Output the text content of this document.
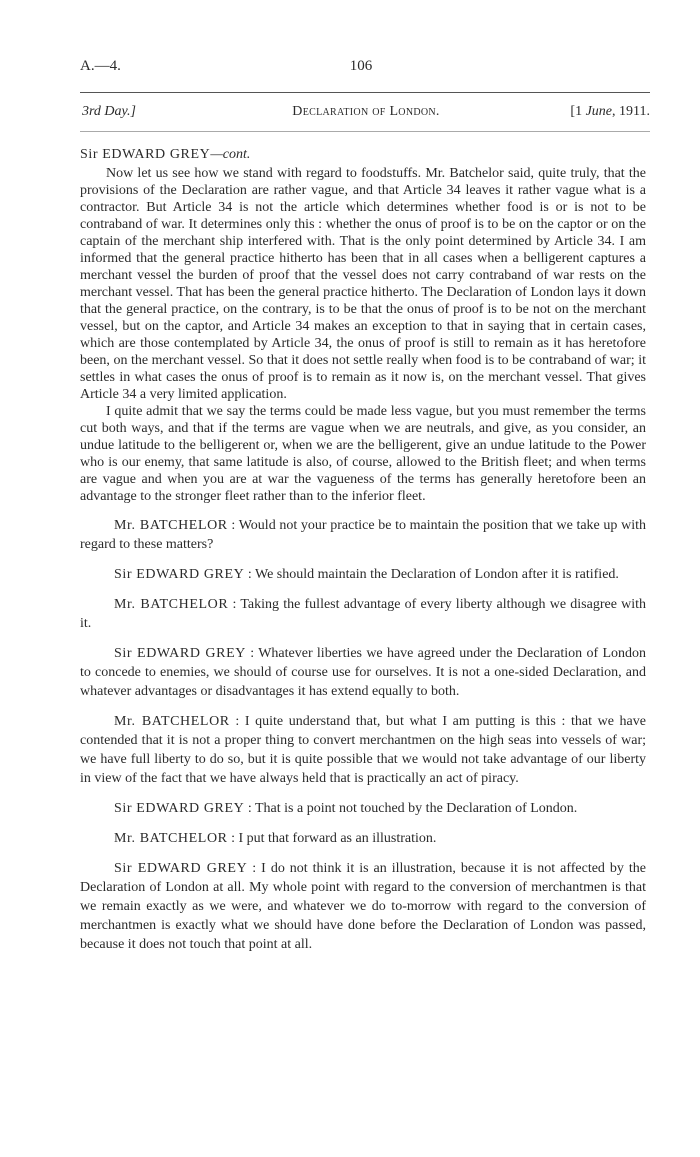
A.—4.	106
3rd Day.]	Declaration of London.	[1 June, 1911.

Sir EDWARD GREY—cont.

Now let us see how we stand with regard to foodstuffs. Mr. Batchelor said, quite truly, that the provisions of the Declaration are rather vague, and that Article 34 leaves it rather vague what is a contractor. But Article 34 is not the article which determines whether food is or is not to be contraband of war. It determines only this : whether the onus of proof is to be on the captor or on the captain of the merchant ship interfered with. That is the only point determined by Article 34. I am informed that the general practice hitherto has been that in all cases when a belligerent captures a merchant vessel the burden of proof that the vessel does not carry contraband of war rests on the merchant vessel. That has been the general practice hitherto. The Declaration of London lays it down that the general practice, on the contrary, is to be that the onus of proof is to be not on the merchant vessel, but on the captor, and Article 34 makes an exception to that in saying that in certain cases, which are those contemplated by Article 34, the onus of proof is still to remain as it has heretofore been, on the merchant vessel. So that it does not settle really when food is to be contraband of war; it settles in what cases the onus of proof is to remain as it now is, on the merchant vessel. That gives Article 34 a very limited application.

I quite admit that we say the terms could be made less vague, but you must remember the terms cut both ways, and that if the terms are vague when we are neutrals, and give, as you consider, an undue latitude to the belligerent or, when we are the belligerent, give an undue latitude to the Power who is our enemy, that same latitude is also, of course, allowed to the British fleet; and when terms are vague and when you are at war the vagueness of the terms has generally heretofore been an advantage to the stronger fleet rather than to the inferior fleet.

Mr. BATCHELOR : Would not your practice be to maintain the position that we take up with regard to these matters?

Sir EDWARD GREY : We should maintain the Declaration of London after it is ratified.

Mr. BATCHELOR : Taking the fullest advantage of every liberty although we disagree with it.

Sir EDWARD GREY : Whatever liberties we have agreed under the Declaration of London to concede to enemies, we should of course use for ourselves. It is not a one-sided Declaration, and whatever advantages or disadvantages it has extend equally to both.

Mr. BATCHELOR : I quite understand that, but what I am putting is this : that we have contended that it is not a proper thing to convert merchantmen on the high seas into vessels of war; we have full liberty to do so, but it is quite possible that we would not take advantage of our liberty in view of the fact that we have always held that is practically an act of piracy.

Sir EDWARD GREY : That is a point not touched by the Declaration of London.

Mr. BATCHELOR : I put that forward as an illustration.

Sir EDWARD GREY : I do not think it is an illustration, because it is not affected by the Declaration of London at all. My whole point with regard to the conversion of merchantmen is that we remain exactly as we were, and whatever we do to-morrow with regard to the conversion of merchantmen is exactly what we should have done before the Declaration of London was passed, because it does not touch that point at all.
